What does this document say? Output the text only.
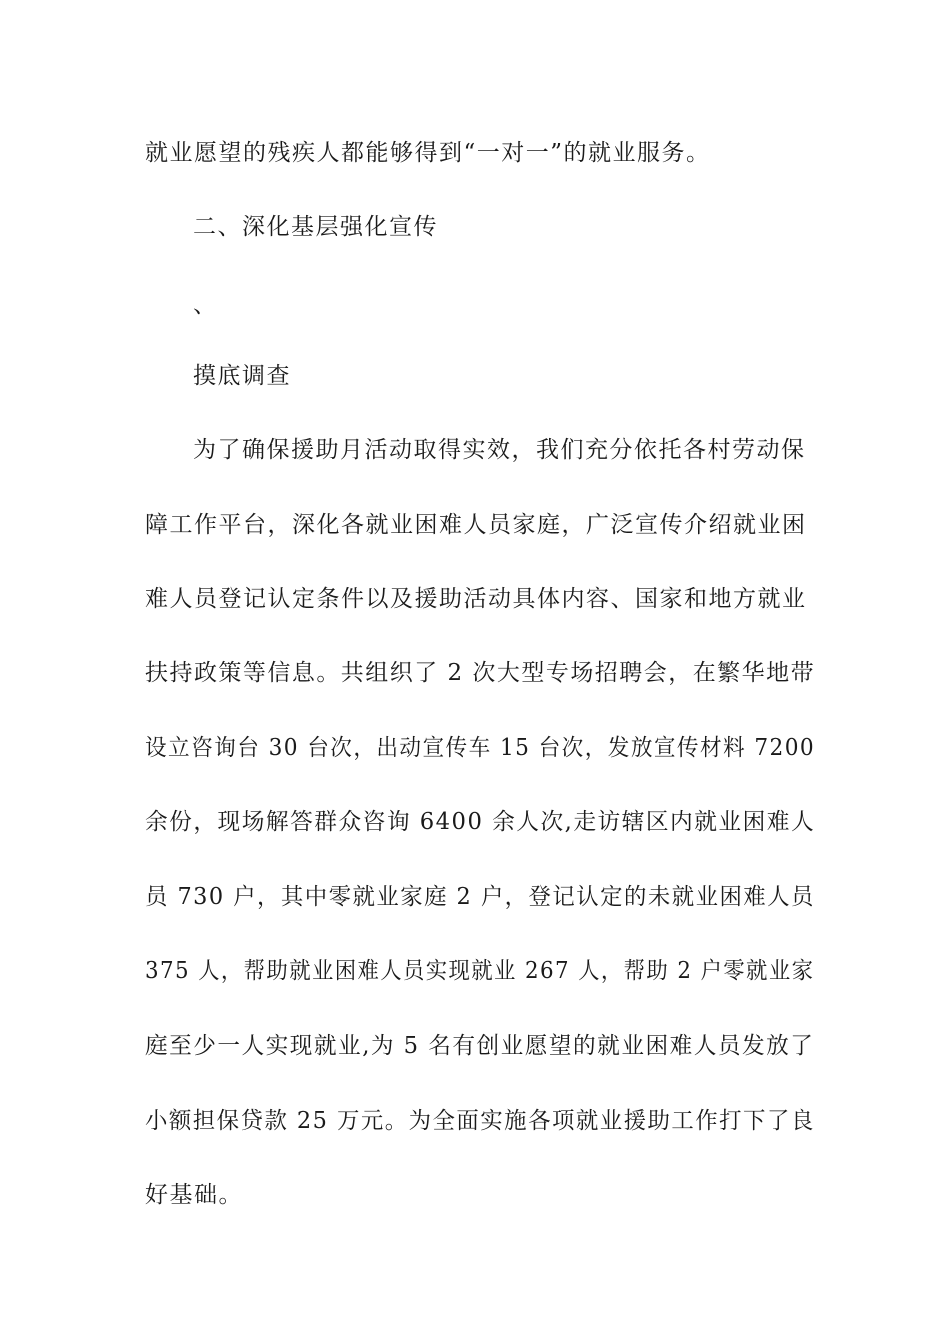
就业愿望的残疾人都能够得到“一对一”的就业服务。

二、深化基层强化宣传

、

摸底调查

为了确保援助月活动取得实效，我们充分依托各村劳动保

障工作平台，深化各就业困难人员家庭，广泛宣传介绍就业困

难人员登记认定条件以及援助活动具体内容、国家和地方就业

扶持政策等信息。共组织了 2 次大型专场招聘会，在繁华地带

设立咨询台 30 台次，出动宣传车 15 台次，发放宣传材料 7200

余份，现场解答群众咨询 6400 余人次,走访辖区内就业困难人

员 730 户，其中零就业家庭 2 户，登记认定的未就业困难人员

375 人，帮助就业困难人员实现就业 267 人，帮助 2 户零就业家

庭至少一人实现就业,为 5 名有创业愿望的就业困难人员发放了

小额担保贷款 25 万元。为全面实施各项就业援助工作打下了良

好基础。
